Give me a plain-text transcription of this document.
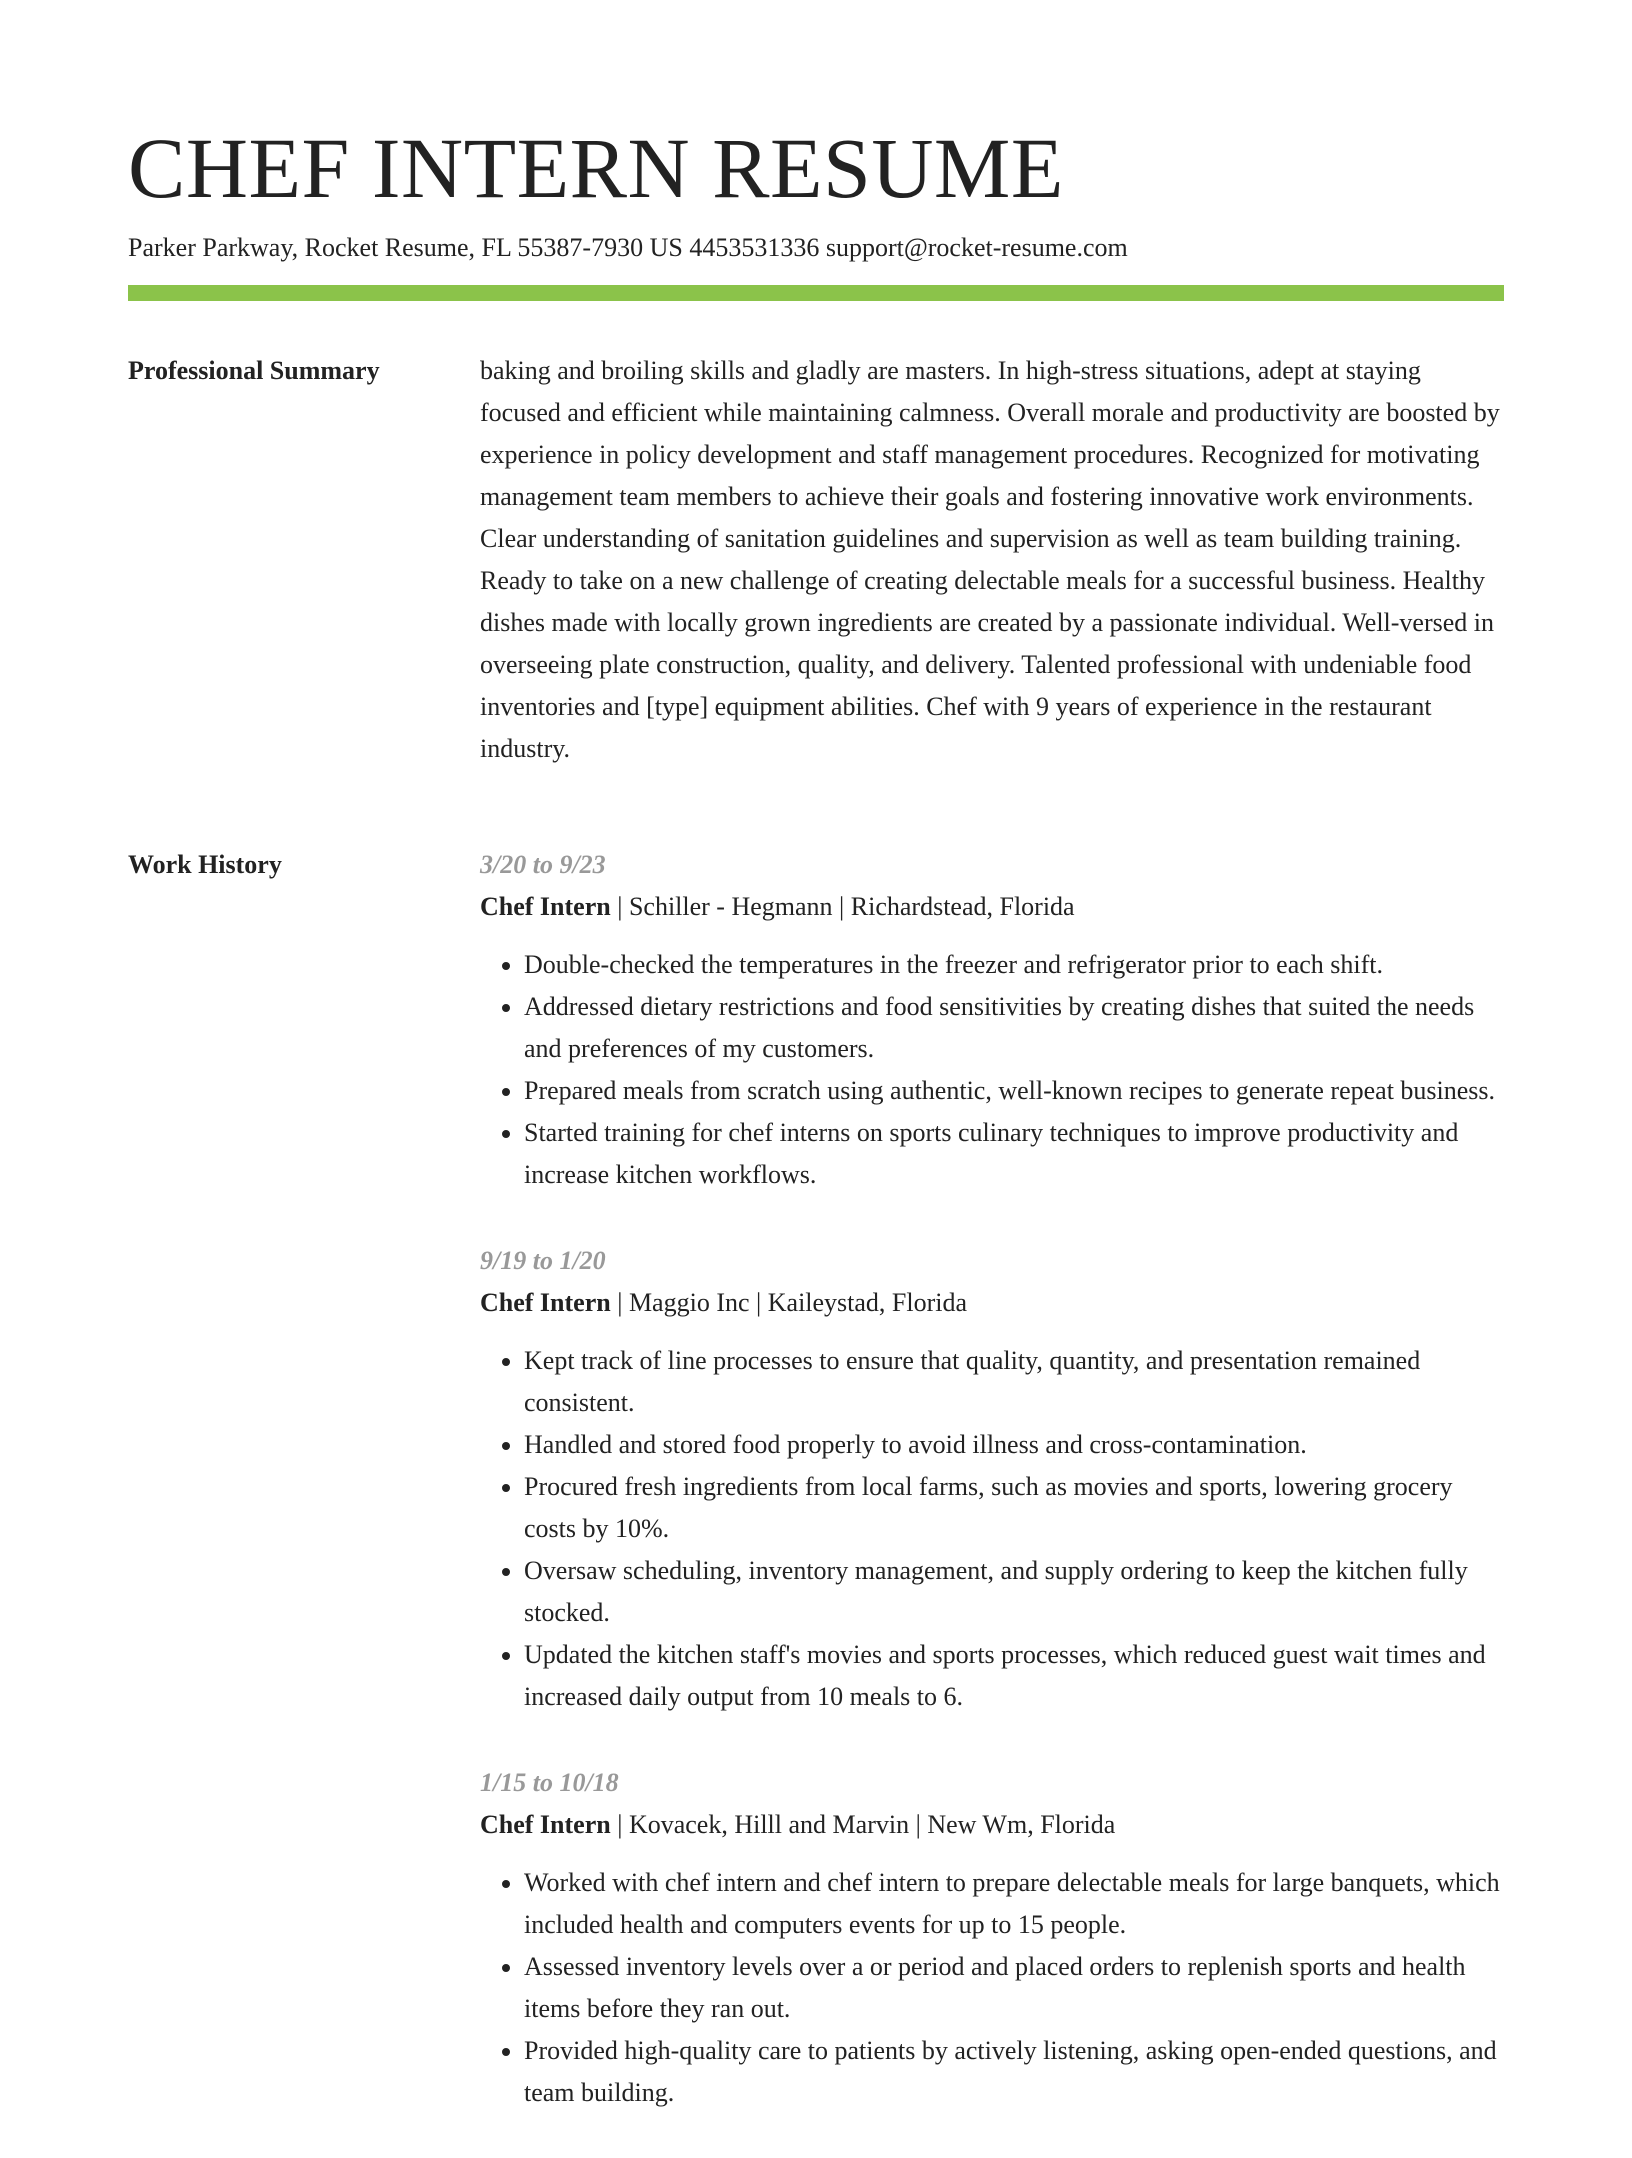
CHEF INTERN RESUME
Parker Parkway, Rocket Resume, FL 55387-7930 US 4453531336 support@rocket-resume.com
Professional Summary	baking and broiling skills and gladly are masters. In high-stress situations, adept at staying focused and efficient while maintaining calmness. Overall morale and productivity are boosted by experience in policy development and staff management procedures. Recognized for motivating management team members to achieve their goals and fostering innovative work environments. Clear understanding of sanitation guidelines and supervision as well as team building training. Ready to take on a new challenge of creating delectable meals for a successful business. Healthy dishes made with locally grown ingredients are created by a passionate individual. Well-versed in overseeing plate construction, quality, and delivery. Talented professional with undeniable food inventories and [type] equipment abilities. Chef with 9 years of experience in the restaurant industry.

Work History	3/20 to 9/23
Chef Intern | Schiller - Hegmann | Richardstead, Florida
• Double-checked the temperatures in the freezer and refrigerator prior to each shift.
• Addressed dietary restrictions and food sensitivities by creating dishes that suited the needs and preferences of my customers.
• Prepared meals from scratch using authentic, well-known recipes to generate repeat business.
• Started training for chef interns on sports culinary techniques to improve productivity and increase kitchen workflows.
9/19 to 1/20
Chef Intern | Maggio Inc | Kaileystad, Florida
• Kept track of line processes to ensure that quality, quantity, and presentation remained consistent.
• Handled and stored food properly to avoid illness and cross-contamination.
• Procured fresh ingredients from local farms, such as movies and sports, lowering grocery costs by 10%.
• Oversaw scheduling, inventory management, and supply ordering to keep the kitchen fully stocked.
• Updated the kitchen staff's movies and sports processes, which reduced guest wait times and increased daily output from 10 meals to 6.
1/15 to 10/18
Chef Intern | Kovacek, Hilll and Marvin | New Wm, Florida
• Worked with chef intern and chef intern to prepare delectable meals for large banquets, which included health and computers events for up to 15 people.
• Assessed inventory levels over a or period and placed orders to replenish sports and health items before they ran out.
• Provided high-quality care to patients by actively listening, asking open-ended questions, and team building.
